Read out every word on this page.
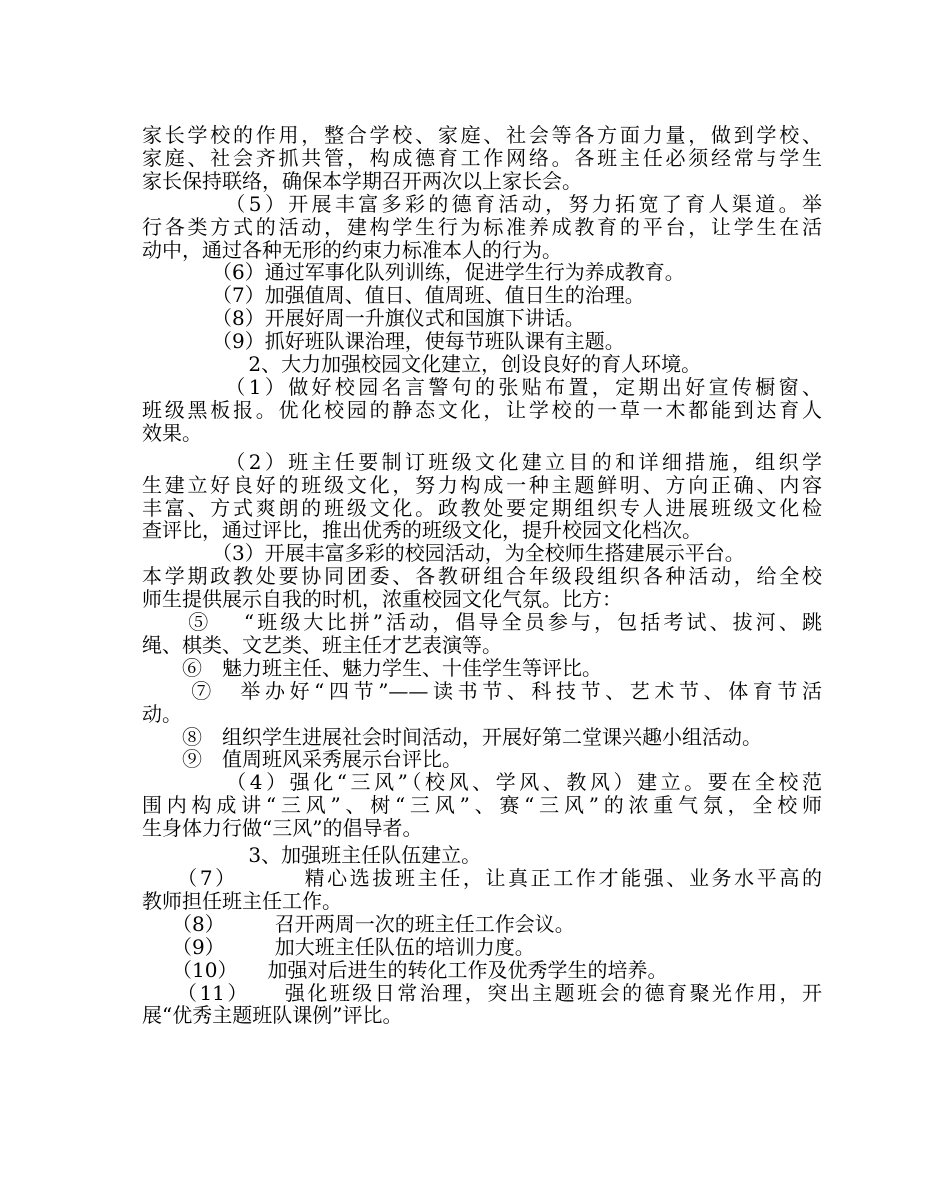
家长学校的作用，整合学校、家庭、社会等各方面力量，做到学校、
家庭、社会齐抓共管，构成德育工作网络。各班主任必须经常与学生
家长保持联络，确保本学期召开两次以上家长会。
　　　　（5）开展丰富多彩的德育活动，努力拓宽了育人渠道。举
行各类方式的活动，建构学生行为标准养成教育的平台，让学生在活
动中，通过各种无形的约束力标准本人的行为。
　　　　（6）通过军事化队列训练，促进学生行为养成教育。
　　　　（7）加强值周、值日、值周班、值日生的治理。
　　　　（8）开展好周一升旗仪式和国旗下讲话。
　　　　（9）抓好班队课治理，使每节班队课有主题。
　　　　　 2、大力加强校园文化建立，创设良好的育人环境。
　　　　（1）做好校园名言警句的张贴布置，定期出好宣传橱窗、
班级黑板报。优化校园的静态文化，让学校的一草一木都能到达育人
效果。
　　　　（2）班主任要制订班级文化建立目的和详细措施，组织学
生建立好良好的班级文化，努力构成一种主题鲜明、方向正确、内容
丰富、方式爽朗的班级文化。政教处要定期组织专人进展班级文化检
查评比，通过评比，推出优秀的班级文化，提升校园文化档次。
　　　　（3）开展丰富多彩的校园活动，为全校师生搭建展示平台。
本学期政教处要协同团委、各教研组合年级段组织各种活动，给全校
师生提供展示自我的时机，浓重校园文化气氛。比方：
　　⑤　 “班级大比拼”活动，倡导全员参与，包括考试、拔河、跳
绳、棋类、文艺类、班主任才艺表演等。
　　⑥　魅力班主任、魅力学生、十佳学生等评比。
　　⑦　举办好“四节”——读书节、科技节、艺术节、体育节活
动。
　　⑧　组织学生进展社会时间活动，开展好第二堂课兴趣小组活动。
　　⑨　值周班风采秀展示台评比。
　　　　（4）强化“三风”（校风、学风、教风）建立。要在全校范
围内构成讲“三风”、树“三风”、赛“三风”的浓重气氛，全校师
生身体力行做“三风”的倡导者。
　　　　　 3、加强班主任队伍建立。
　　（7）　　　 精心选拔班主任，让真正工作才能强、业务水平高的
教师担任班主任工作。
　　（8）　　　召开两周一次的班主任工作会议。
　　（9）　　　加大班主任队伍的培训力度。
　　（10）　　加强对后进生的转化工作及优秀学生的培养。
　　（11）　　强化班级日常治理，突出主题班会的德育聚光作用，开
展“优秀主题班队课例”评比。
